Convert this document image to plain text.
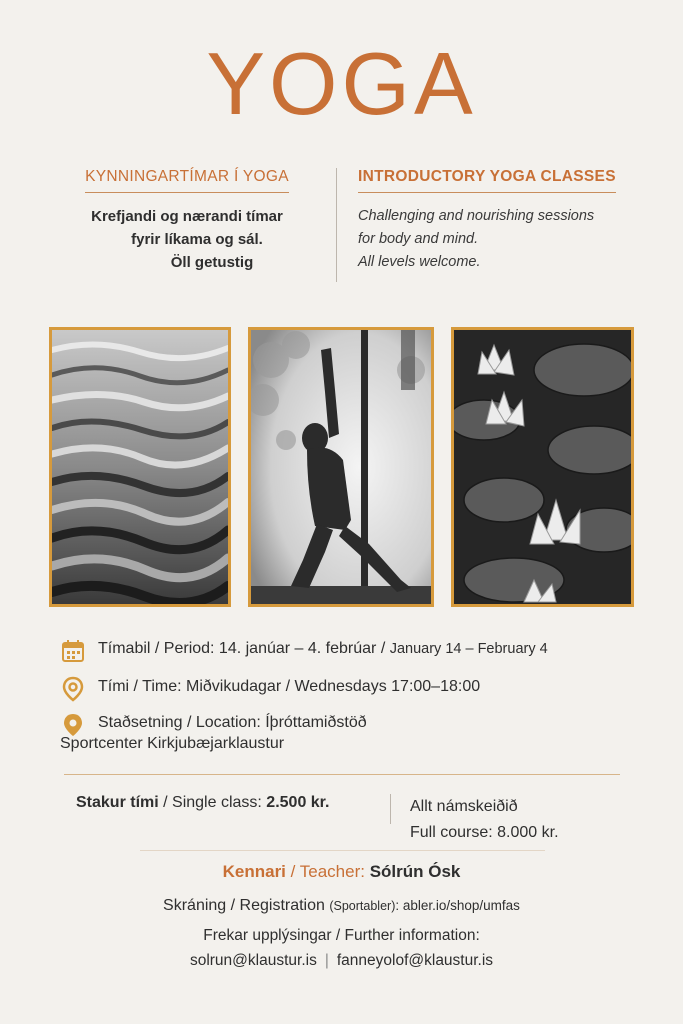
YOGA
KYNNINGARTÍMAR Í YOGA
Krefjandi og nærandi tímar
fyrir líkama og sál.
Öll getustig
INTRODUCTORY YOGA CLASSES
Challenging and nourishing sessions
for body and mind.
All levels welcome.
Tímabil / Period: 14. janúar – 4. febrúar / January 14 – February 4
Tími / Time: Miðvikudagar / Wednesdays 17:00–18:00
Staðsetning / Location: Íþróttamiðstöð
Sportcenter Kirkjubæjarklaustur
Stakur tími / Single class: 2.500 kr.	Allt námskeiðið
Full course: 8.000 kr.
Kennari / Teacher: Sólrún Ósk
Skráning / Registration (Sportabler): abler.io/shop/umfas
Frekar upplýsingar / Further information:
solrun@klaustur.is | fanneyolof@klaustur.is
